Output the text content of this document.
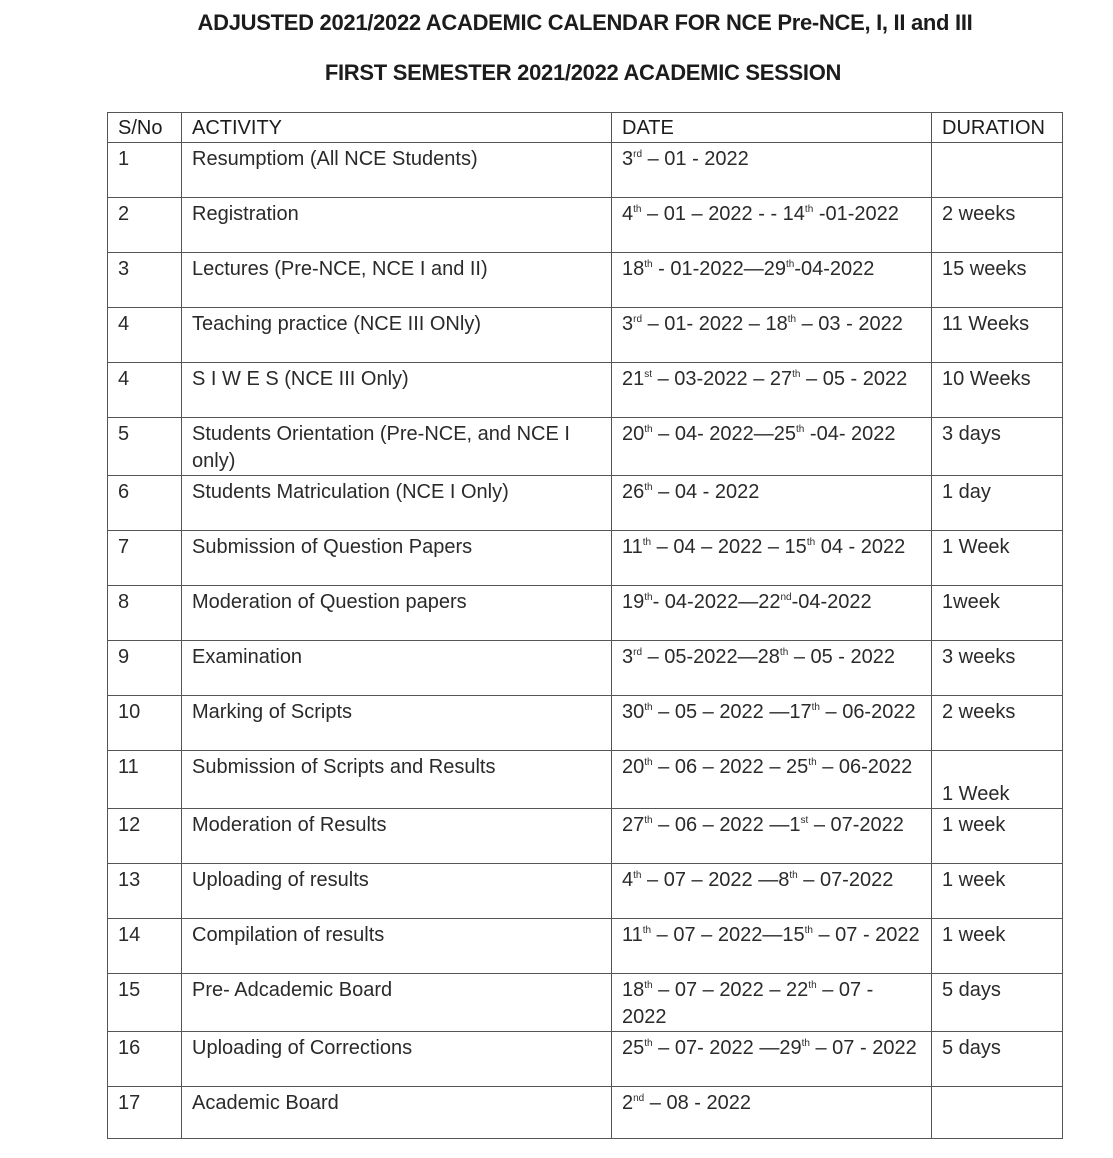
ADJUSTED 2021/2022 ACADEMIC CALENDAR FOR NCE Pre-NCE, I, II and III
FIRST SEMESTER 2021/2022 ACADEMIC SESSION
S/No	ACTIVITY	DATE	DURATION
1	Resumptiom (All NCE Students)	3rd – 01 - 2022	
2	Registration	4th – 01 – 2022 - - 14th -01-2022	2 weeks
3	Lectures (Pre-NCE, NCE I and II)	18th - 01-2022—29th-04-2022	15 weeks
4	Teaching practice (NCE III ONly)	3rd – 01- 2022 – 18th – 03 - 2022	11 Weeks
4	S I W E S (NCE III Only)	21st – 03-2022 – 27th – 05 - 2022	10 Weeks
5	Students Orientation (Pre-NCE, and NCE I only)	20th – 04- 2022—25th -04- 2022	3 days
6	Students Matriculation (NCE I Only)	26th – 04 - 2022	1 day
7	Submission of Question Papers	11th – 04 – 2022 – 15th 04 - 2022	1 Week
8	Moderation of Question papers	19th- 04-2022—22nd-04-2022	1week
9	Examination	3rd – 05-2022—28th – 05 - 2022	3 weeks
10	Marking of Scripts	30th – 05 – 2022 —17th – 06-2022	2 weeks
11	Submission of Scripts and Results	20th – 06 – 2022 – 25th – 06-2022	1 Week

12	Moderation of Results	27th – 06 – 2022 —1st – 07-2022	1 week
13	Uploading of results	4th – 07 – 2022 —8th – 07-2022	1 week
14	Compilation of results	11th – 07 – 2022—15th – 07 - 2022	1 week
15	Pre- Adcademic Board	18th – 07 – 2022 – 22th – 07 - 2022	5 days
16	Uploading of Corrections	25th – 07- 2022 —29th – 07 - 2022	5 days
17	Academic Board	2nd – 08 - 2022	
